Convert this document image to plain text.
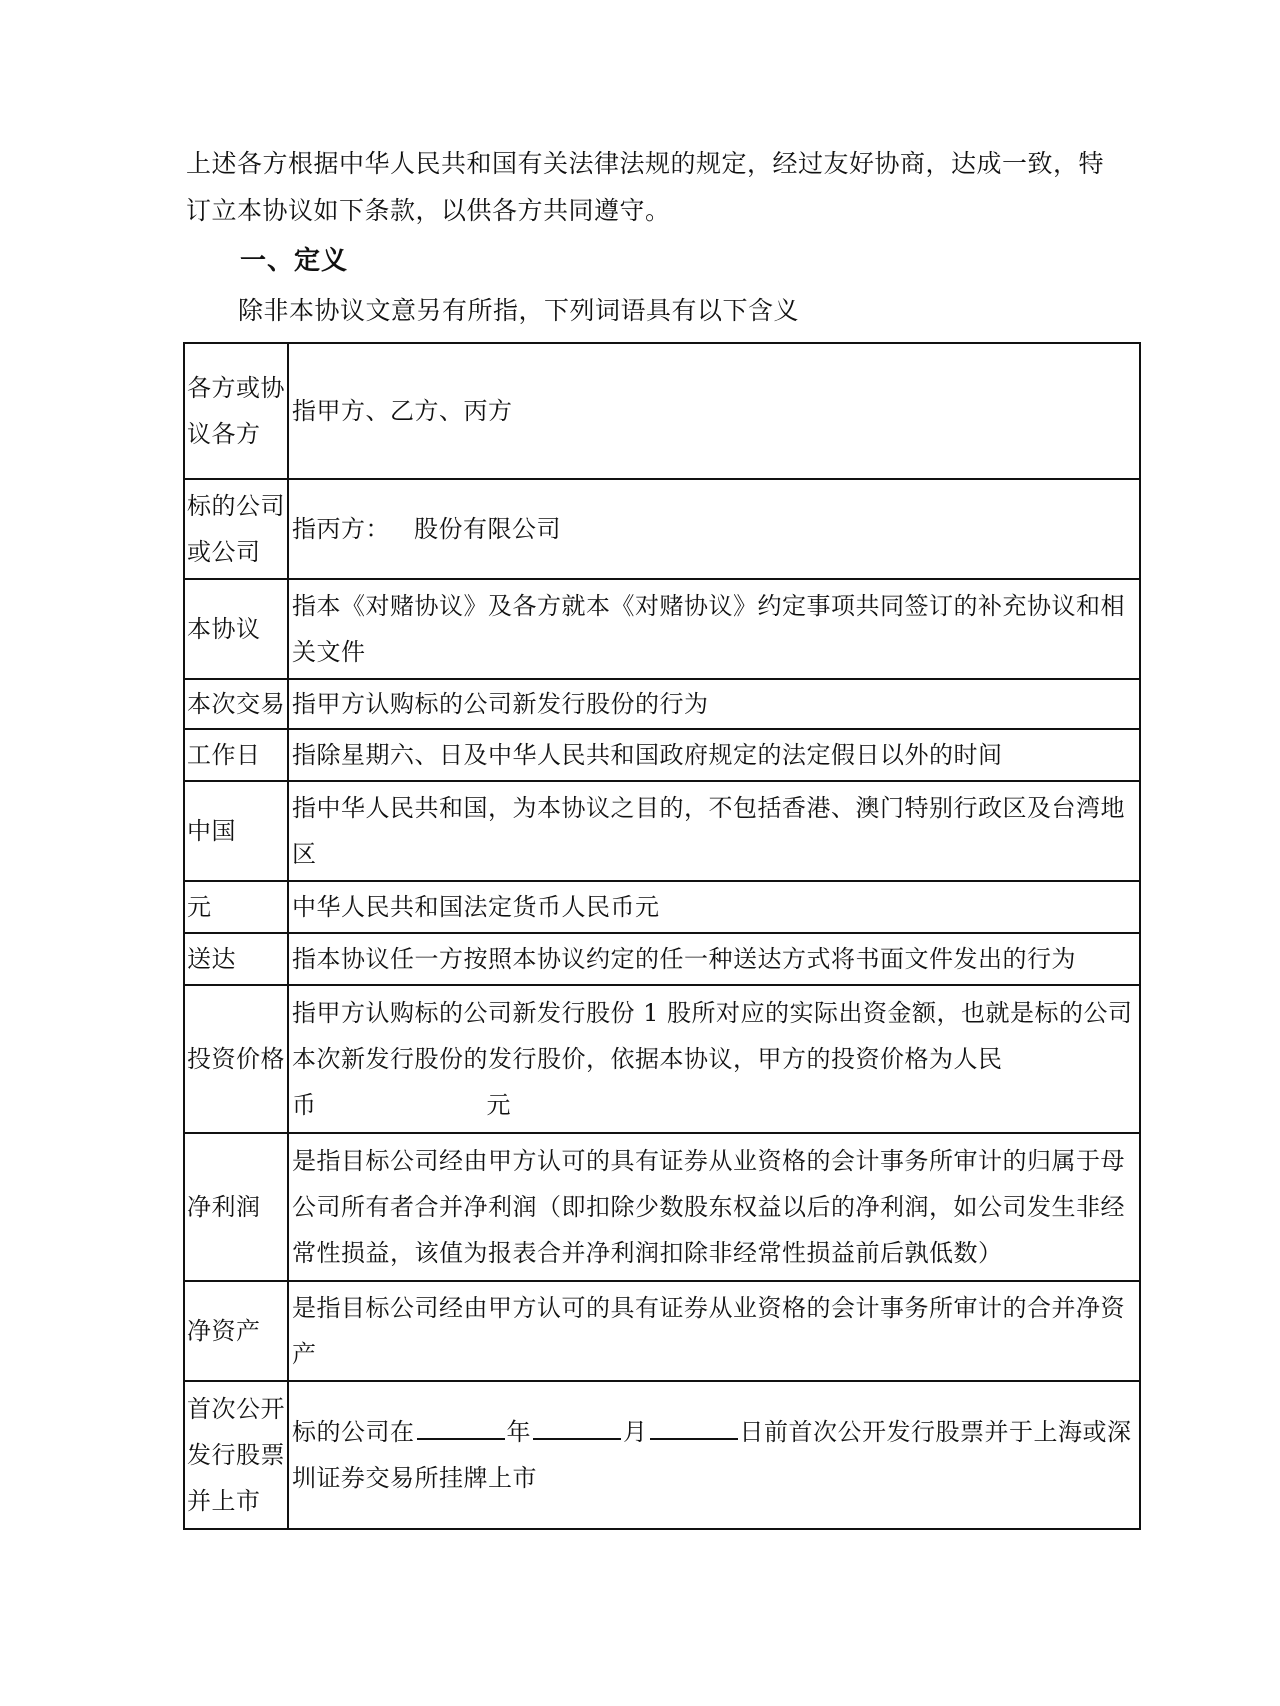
上述各方根据中华人民共和国有关法律法规的规定，经过友好协商，达成一致，特订立本协议如下条款，以供各方共同遵守。
一、定义
除非本协议文意另有所指，下列词语具有以下含义
各方或协议各方	指甲方、乙方、丙方
标的公司或公司	指丙方： 股份有限公司
本协议	指本《对赌协议》及各方就本《对赌协议》约定事项共同签订的补充协议和相关文件
本次交易	指甲方认购标的公司新发行股份的行为
工作日	指除星期六、日及中华人民共和国政府规定的法定假日以外的时间
中国	指中华人民共和国，为本协议之目的，不包括香港、澳门特别行政区及台湾地区
元	中华人民共和国法定货币人民币元
送达	指本协议任一方按照本协议约定的任一种送达方式将书面文件发出的行为
投资价格	指甲方认购标的公司新发行股份 1 股所对应的实际出资金额，也就是标的公司本次新发行股份的发行股价，依据本协议，甲方的投资价格为人民
币 元
净利润	是指目标公司经由甲方认可的具有证券从业资格的会计事务所审计的归属于母公司所有者合并净利润（即扣除少数股东权益以后的净利润，如公司发生非经常性损益，该值为报表合并净利润扣除非经常性损益前后孰低数）
净资产	是指目标公司经由甲方认可的具有证券从业资格的会计事务所审计的合并净资产
首次公开发行股票并上市	标的公司在 年 月 日前首次公开发行股票并于上海或深圳证券交易所挂牌上市
